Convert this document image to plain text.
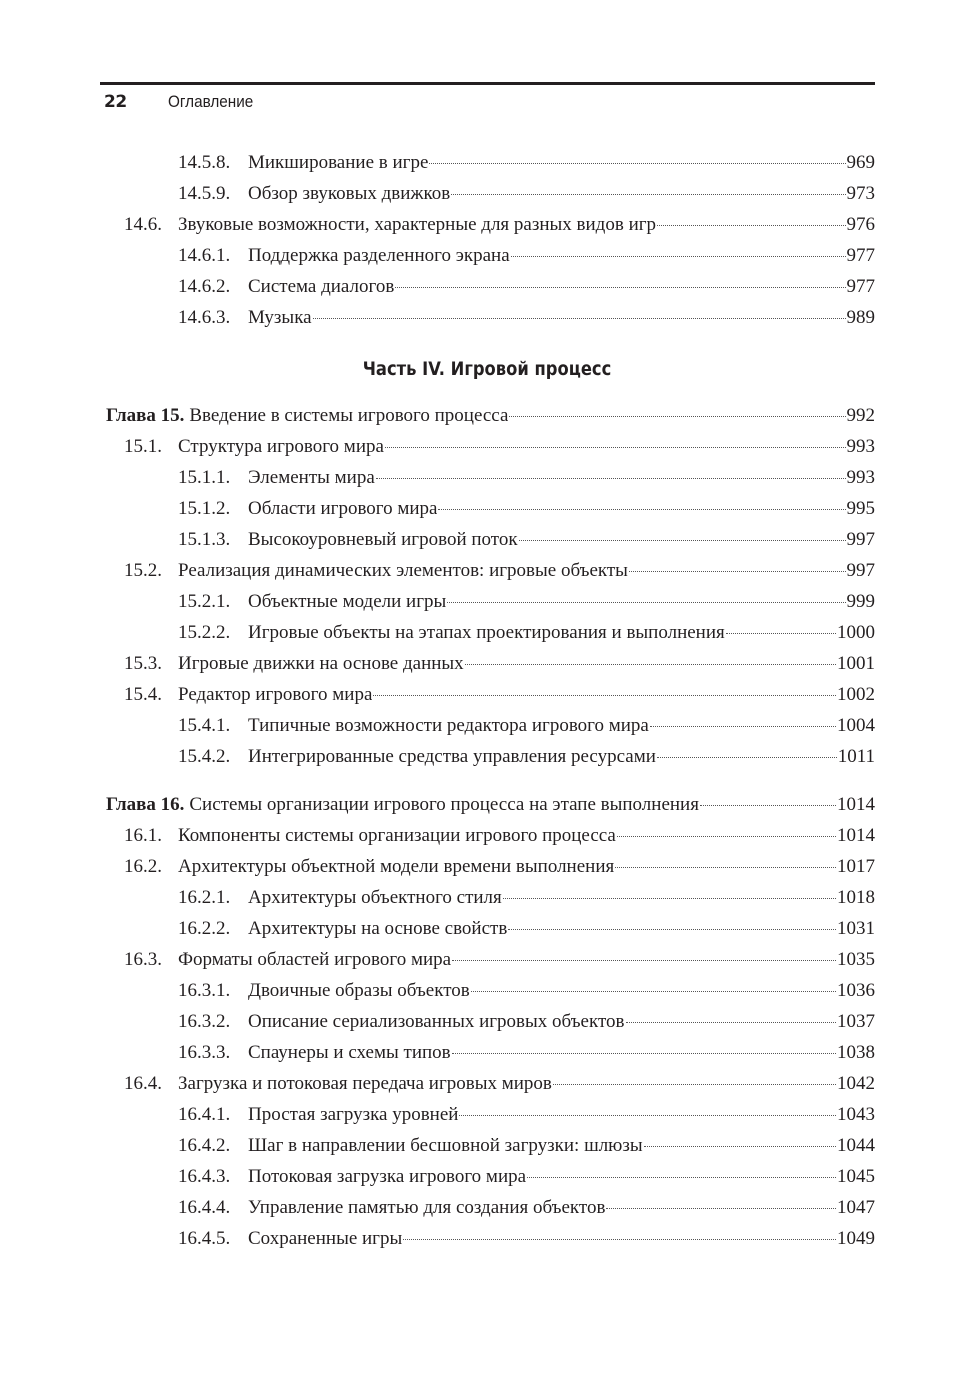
22	Оглавление
14.5.8. Микширование в игре	969
14.5.9. Обзор звуковых движков	973
14.6. Звуковые возможности, характерные для разных видов игр	976
14.6.1. Поддержка разделенного экрана	977
14.6.2. Система диалогов	977
14.6.3. Музыка	989
Часть IV. Игровой процесс
Глава 15. Введение в системы игрового процесса	992
15.1. Структура игрового мира	993
15.1.1. Элементы мира	993
15.1.2. Области игрового мира	995
15.1.3. Высокоуровневый игровой поток	997
15.2. Реализация динамических элементов: игровые объекты	997
15.2.1. Объектные модели игры	999
15.2.2. Игровые объекты на этапах проектирования и выполнения	1000
15.3. Игровые движки на основе данных	1001
15.4. Редактор игрового мира	1002
15.4.1. Типичные возможности редактора игрового мира	1004
15.4.2. Интегрированные средства управления ресурсами	1011
Глава 16. Системы организации игрового процесса на этапе выполнения	1014
16.1. Компоненты системы организации игрового процесса	1014
16.2. Архитектуры объектной модели времени выполнения	1017
16.2.1. Архитектуры объектного стиля	1018
16.2.2. Архитектуры на основе свойств	1031
16.3. Форматы областей игрового мира	1035
16.3.1. Двоичные образы объектов	1036
16.3.2. Описание сериализованных игровых объектов	1037
16.3.3. Спаунеры и схемы типов	1038
16.4. Загрузка и потоковая передача игровых миров	1042
16.4.1. Простая загрузка уровней	1043
16.4.2. Шаг в направлении бесшовной загрузки: шлюзы	1044
16.4.3. Потоковая загрузка игрового мира	1045
16.4.4. Управление памятью для создания объектов	1047
16.4.5. Сохраненные игры	1049
